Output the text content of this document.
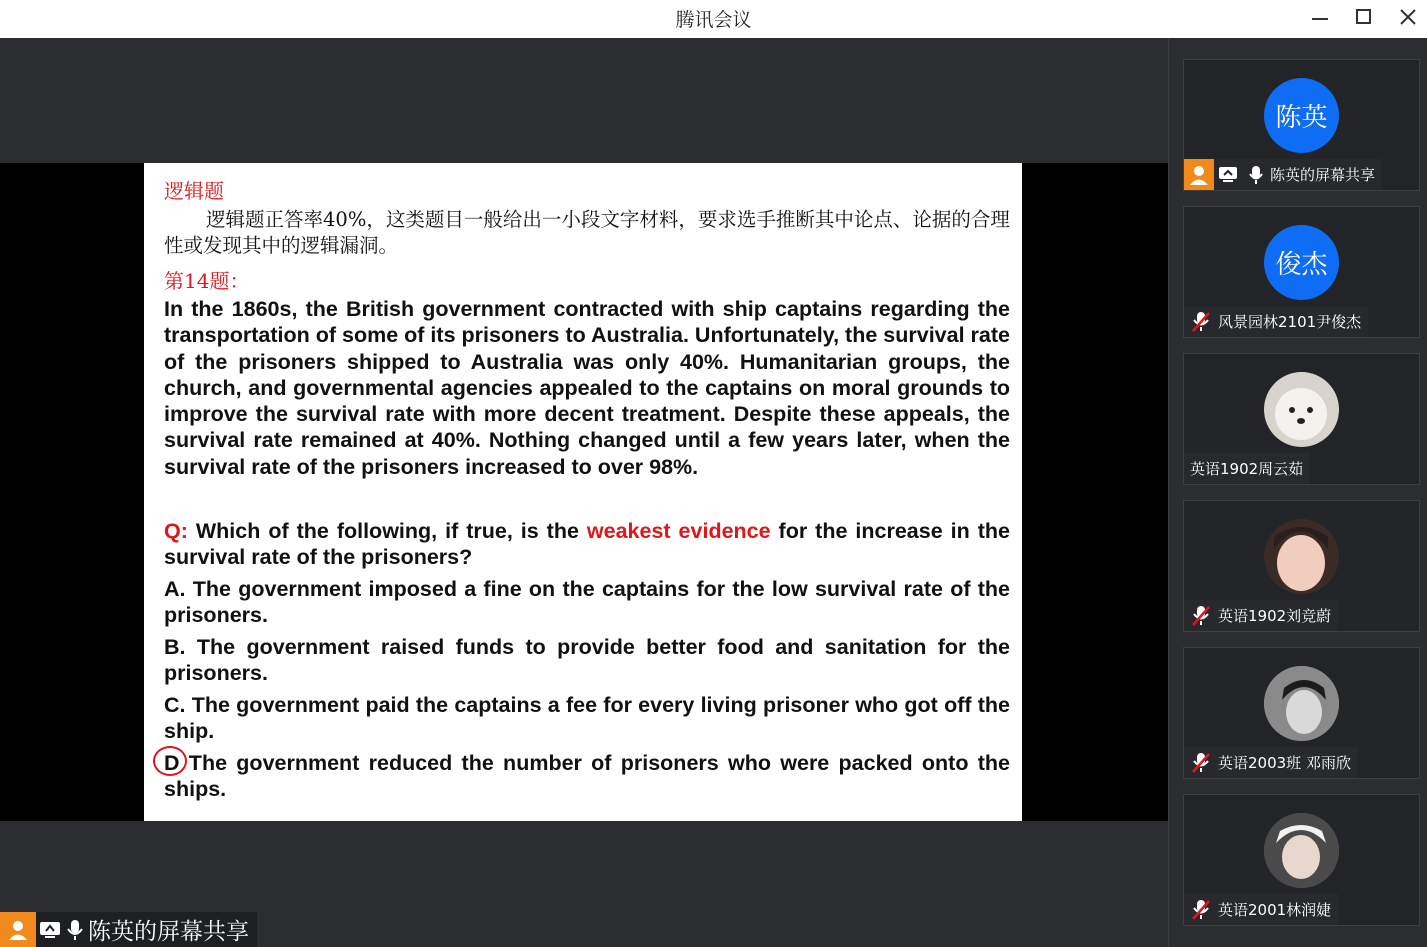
腾讯会议
逻辑题
逻辑题正答率40%，这类题目一般给出一小段文字材料，要求选手推断其中论点、论据的合理性或发现其中的逻辑漏洞。
第14题：
In the 1860s, the British government contracted with ship captains regarding the transportation of some of its prisoners to Australia. Unfortunately, the survival rate of the prisoners shipped to Australia was only 40%. Humanitarian groups, the church, and governmental agencies appealed to the captains on moral grounds to improve the survival rate with more decent treatment. Despite these appeals, the survival rate remained at 40%. Nothing changed until a few years later, when the survival rate of the prisoners increased to over 98%.
Q: Which of the following, if true, is the weakest evidence for the increase in the survival rate of the prisoners?
A. The government imposed a fine on the captains for the low survival rate of the prisoners.
B. The government raised funds to provide better food and sanitation for the prisoners.
C. The government paid the captains a fee for every living prisoner who got off the ship.
D The government reduced the number of prisoners who were packed onto the ships.
陈英的屏幕共享
陈英
陈英的屏幕共享
俊杰
风景园林2101尹俊杰
英语1902周云茹
英语1902刘竞蔚
英语2003班 邓雨欣
英语2001林润婕
